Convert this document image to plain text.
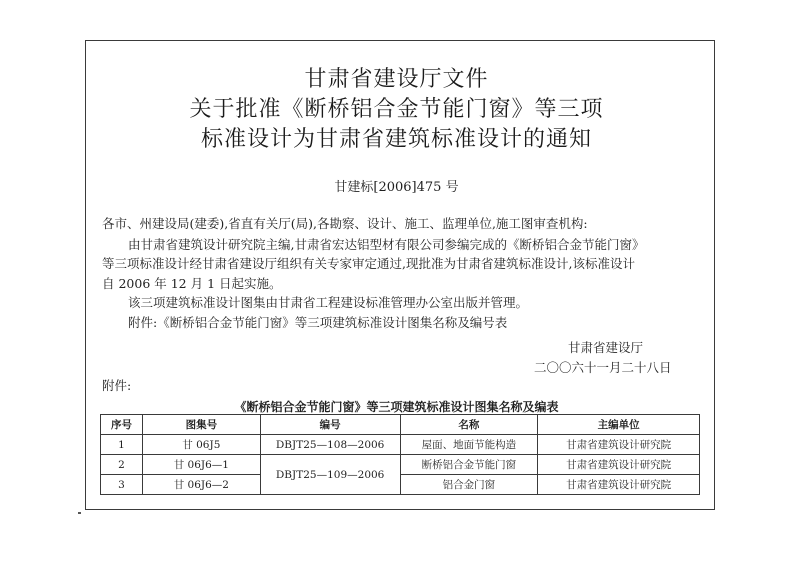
甘肃省建设厅文件
关于批准《断桥铝合金节能门窗》等三项
标准设计为甘肃省建筑标准设计的通知
甘建标[2006]475 号
各市、州建设局(建委),省直有关厅(局),各勘察、设计、施工、监理单位,施工图审查机构:
由甘肃省建筑设计研究院主编,甘肃省宏达铝型材有限公司参编完成的《断桥铝合金节能门窗》
等三项标准设计经甘肃省建设厅组织有关专家审定通过,现批准为甘肃省建筑标准设计,该标准设计
自 2006 年 12 月 1 日起实施。
该三项建筑标准设计图集由甘肃省工程建设标准管理办公室出版并管理。
附件:《断桥铝合金节能门窗》等三项建筑标准设计图集名称及编号表
甘肃省建设厅
二〇〇六十一月二十八日
附件:
《断桥铝合金节能门窗》等三项建筑标准设计图集名称及编表
序号	图集号	编号	名称	主编单位
1	甘 06J5	DBJT25—108—2006	屋面、地面节能构造	甘肃省建筑设计研究院
2	甘 06J6—1	DBJT25—109—2006	断桥铝合金节能门窗	甘肃省建筑设计研究院
3	甘 06J6—2		铝合金门窗	甘肃省建筑设计研究院
